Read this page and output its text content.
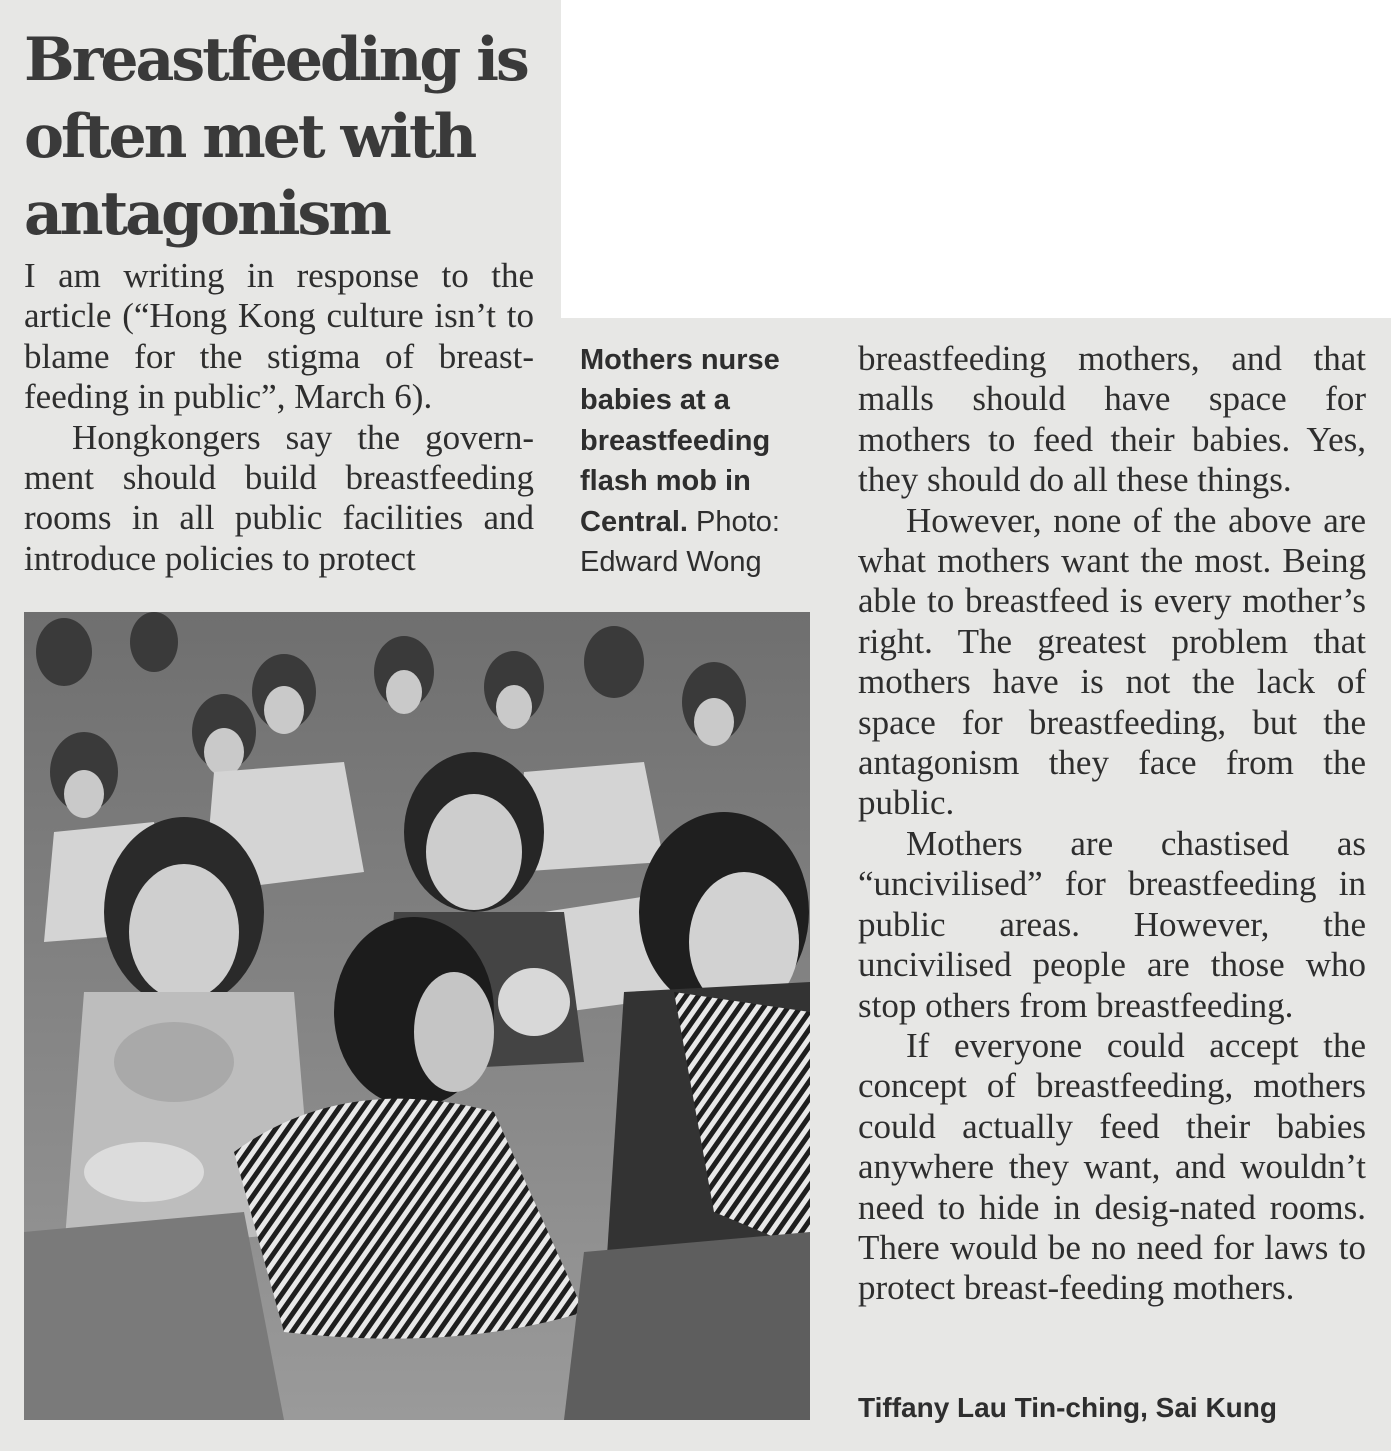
Breastfeeding is often met with antagonism

I am writing in response to the article (“Hong Kong culture isn’t to blame for the stigma of breast-feeding in public”, March 6).

Hongkongers say the govern-ment should build breastfeeding rooms in all public facilities and introduce policies to protect

Mothers nurse babies at a breastfeeding flash mob in Central. Photo: Edward Wong

breastfeeding mothers, and that malls should have space for mothers to feed their babies. Yes, they should do all these things.

However, none of the above are what mothers want the most. Being able to breastfeed is every mother’s right. The greatest problem that mothers have is not the lack of space for breastfeeding, but the antagonism they face from the public.

Mothers are chastised as “uncivilised” for breastfeeding in public areas. However, the uncivilised people are those who stop others from breastfeeding.

If everyone could accept the concept of breastfeeding, mothers could actually feed their babies anywhere they want, and wouldn’t need to hide in desig-nated rooms. There would be no need for laws to protect breast-feeding mothers.

Tiffany Lau Tin-ching, Sai Kung
